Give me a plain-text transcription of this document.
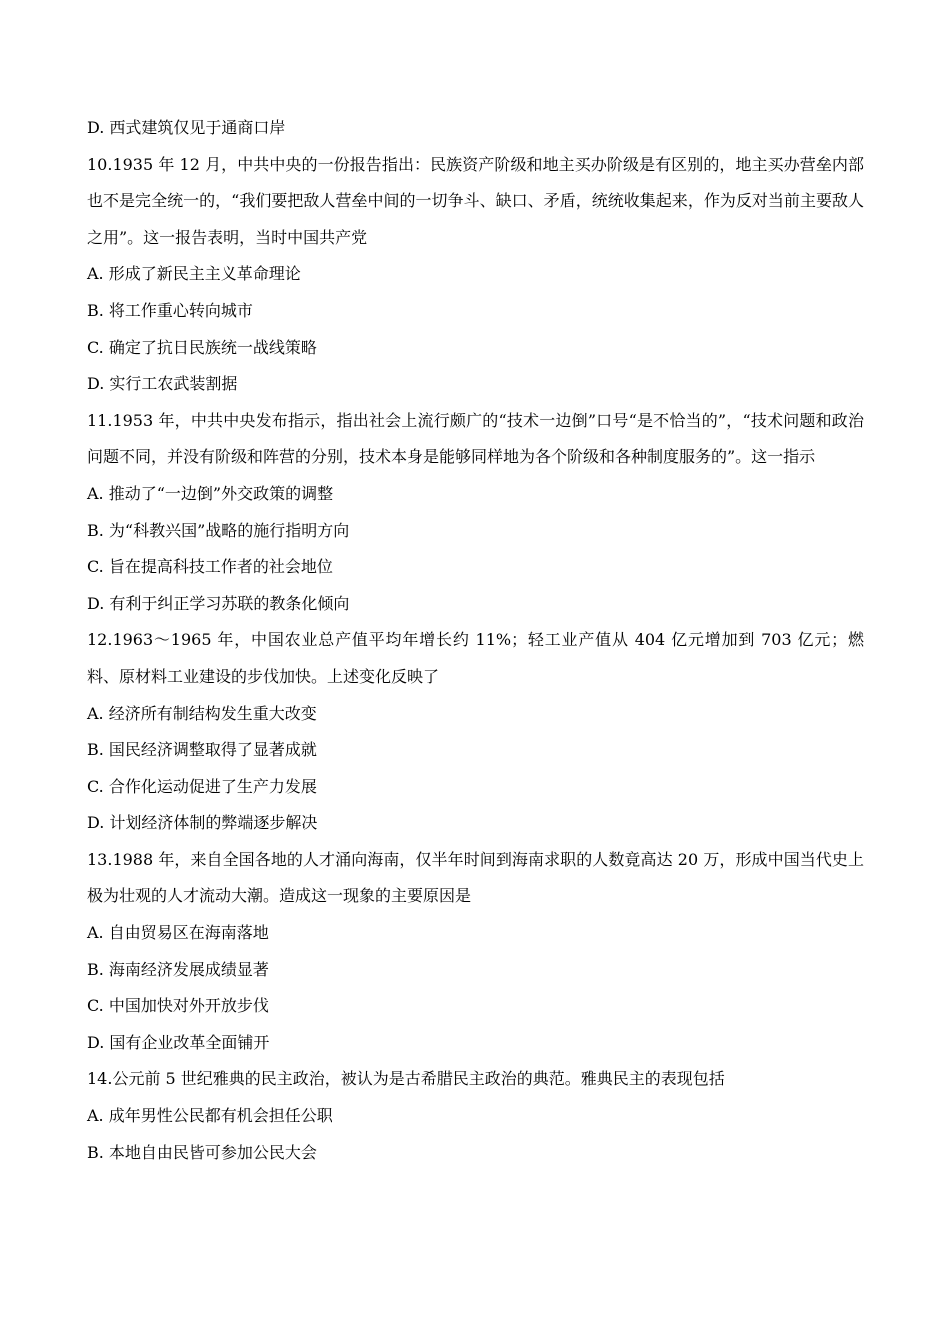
D. 西式建筑仅见于通商口岸

10.1935 年 12 月，中共中央的一份报告指出：民族资产阶级和地主买办阶级是有区别的，地主买办营垒内部也不是完全统一的，“我们要把敌人营垒中间的一切争斗、缺口、矛盾，统统收集起来，作为反对当前主要敌人之用”。这一报告表明，当时中国共产党

A. 形成了新民主主义革命理论

B. 将工作重心转向城市

C. 确定了抗日民族统一战线策略

D. 实行工农武装割据

11.1953 年，中共中央发布指示，指出社会上流行颇广的“技术一边倒”口号“是不恰当的”，“技术问题和政治问题不同，并没有阶级和阵营的分别，技术本身是能够同样地为各个阶级和各种制度服务的”。这一指示

A. 推动了“一边倒”外交政策的调整

B. 为“科教兴国”战略的施行指明方向

C. 旨在提高科技工作者的社会地位

D. 有利于纠正学习苏联的教条化倾向

12.1963～1965 年，中国农业总产值平均年增长约 11%；轻工业产值从 404 亿元增加到 703 亿元；燃料、原材料工业建设的步伐加快。上述变化反映了

A. 经济所有制结构发生重大改变

B. 国民经济调整取得了显著成就

C. 合作化运动促进了生产力发展

D. 计划经济体制的弊端逐步解决

13.1988 年，来自全国各地的人才涌向海南，仅半年时间到海南求职的人数竟高达 20 万，形成中国当代史上极为壮观的人才流动大潮。造成这一现象的主要原因是

A. 自由贸易区在海南落地

B. 海南经济发展成绩显著

C. 中国加快对外开放步伐

D. 国有企业改革全面铺开

14.公元前 5 世纪雅典的民主政治，被认为是古希腊民主政治的典范。雅典民主的表现包括

A. 成年男性公民都有机会担任公职

B. 本地自由民皆可参加公民大会
